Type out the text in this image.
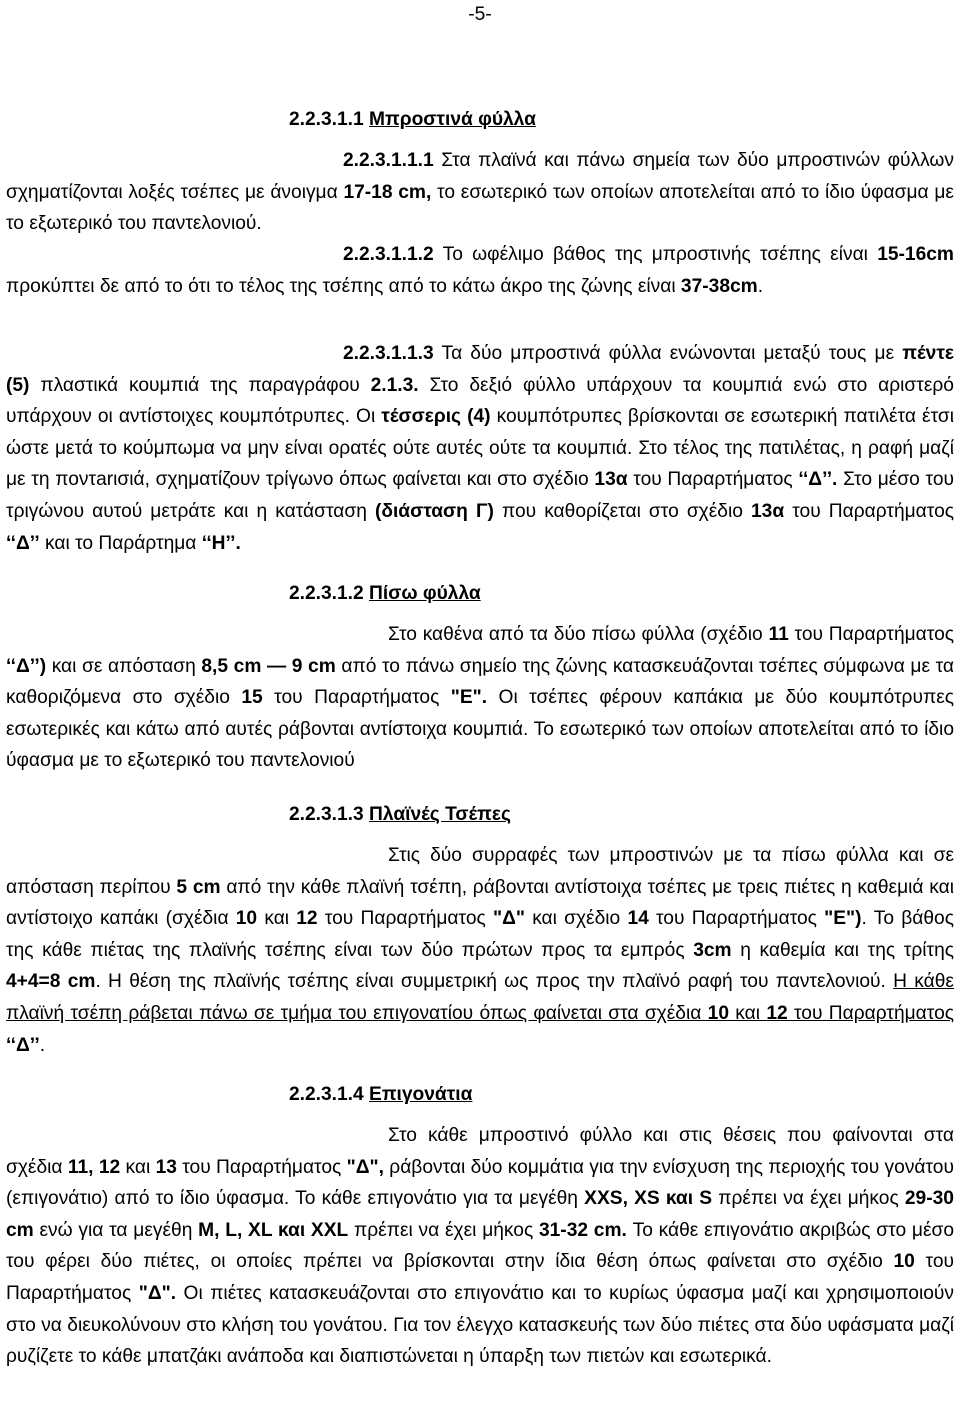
-5-
2.2.3.1.1 Μπροστινά φύλλα
2.2.3.1.1.1 Στα πλαϊνά και πάνω σημεία των δύο μπροστινών φύλλων σχηματίζονται λοξές τσέπες με άνοιγμα 17-18 cm, το εσωτερικό των οποίων αποτελείται από το ίδιο ύφασμα με το εξωτερικό του παντελονιού.
2.2.3.1.1.2 Το ωφέλιμο βάθος της μπροστινής τσέπης είναι 15-16cm προκύπτει δε από το ότι το τέλος της τσέπης από το κάτω άκρο της ζώνης είναι 37-38cm.
2.2.3.1.1.3 Τα δύο μπροστινά φύλλα ενώνονται μεταξύ τους με πέντε (5) πλαστικά κουμπιά της παραγράφου 2.1.3. Στο δεξιό φύλλο υπάρχουν τα κουμπιά ενώ στο αριστερό υπάρχουν οι αντίστοιχες κουμπότρυπες. Οι τέσσερις (4) κουμπότρυπες βρίσκονται σε εσωτερική πατιλέτα έτσι ώστε μετά το κούμπωμα να μην είναι ορατές ούτε αυτές ούτε τα κουμπιά. Στο τέλος της πατιλέτας, η ραφή μαζί με τη ποντarισιά, σχηματίζουν τρίγωνο όπως φαίνεται και στο σχέδιο 13α του Παραρτήματος ‘‘Δ’’. Στο μέσο του τριγώνου αυτού μετράτε και η κατάσταση (διάσταση Γ) που καθορίζεται στο σχέδιο 13α του Παραρτήματος ‘‘Δ’’ και το Παράρτημα ‘‘Η’’.
2.2.3.1.2 Πίσω φύλλα
Στο καθένα από τα δύο πίσω φύλλα (σχέδιο 11 του Παραρτήματος ‘‘Δ’’) και σε απόσταση 8,5 cm — 9 cm από το πάνω σημείο της ζώνης κατασκευάζονται τσέπες σύμφωνα με τα καθοριζόμενα στο σχέδιο 15 του Παραρτήματος "Ε". Οι τσέπες φέρουν καπάκια με δύο κουμπότρυπες εσωτερικές και κάτω από αυτές ράβονται αντίστοιχα κουμπιά. Το εσωτερικό των οποίων αποτελείται από το ίδιο ύφασμα με το εξωτερικό του παντελονιού
2.2.3.1.3 Πλαϊνές Τσέπες
Στις δύο συρραφές των μπροστινών με τα πίσω φύλλα και σε απόσταση περίπου 5 cm από την κάθε πλαϊνή τσέπη, ράβονται αντίστοιχα τσέπες με τρεις πιέτες η καθεμιά και αντίστοιχο καπάκι (σχέδια 10 και 12 του Παραρτήματος "Δ" και σχέδιο 14 του Παραρτήματος "Ε"). Το βάθος της κάθε πιέτας της πλαϊνής τσέπης είναι των δύο πρώτων προς τα εμπρός 3cm η καθεμία και της τρίτης 4+4=8 cm. Η θέση της πλαϊνής τσέπης είναι συμμετρική ως προς την πλαϊνό ραφή του παντελονιού. Η κάθε πλαϊνή τσέπη ράβεται πάνω σε τμήμα του επιγονατίου όπως φαίνεται στα σχέδια 10 και 12 του Παραρτήματος ‘‘Δ’’.
2.2.3.1.4 Επιγονάτια
Στο κάθε μπροστινό φύλλο και στις θέσεις που φαίνονται στα σχέδια 11, 12 και 13 του Παραρτήματος "Δ", ράβονται δύο κομμάτια για την ενίσχυση της περιοχής του γονάτου (επιγονάτιο) από το ίδιο ύφασμα. Το κάθε επιγονάτιο για τα μεγέθη XXS, XS και S πρέπει να έχει μήκος 29-30 cm ενώ για τα μεγέθη M, L, XL και XXL πρέπει να έχει μήκος 31-32 cm. Το κάθε επιγονάτιο ακριβώς στο μέσο του φέρει δύο πιέτες, οι οποίες πρέπει να βρίσκονται στην ίδια θέση όπως φαίνεται στο σχέδιο 10 του Παραρτήματος "Δ". Οι πιέτες κατασκευάζονται στο επιγονάτιο και το κυρίως ύφασμα μαζί και χρησιμοποιούν στο να διευκολύνουν στο κλήση του γονάτου. Για τον έλεγχο κατασκευής των δύο πιέτες στα δύο υφάσματα μαζί ρυζίζετε το κάθε μπατζάκι ανάποδα και διαπιστώνεται η ύπαρξη των πιετών και εσωτερικά.
